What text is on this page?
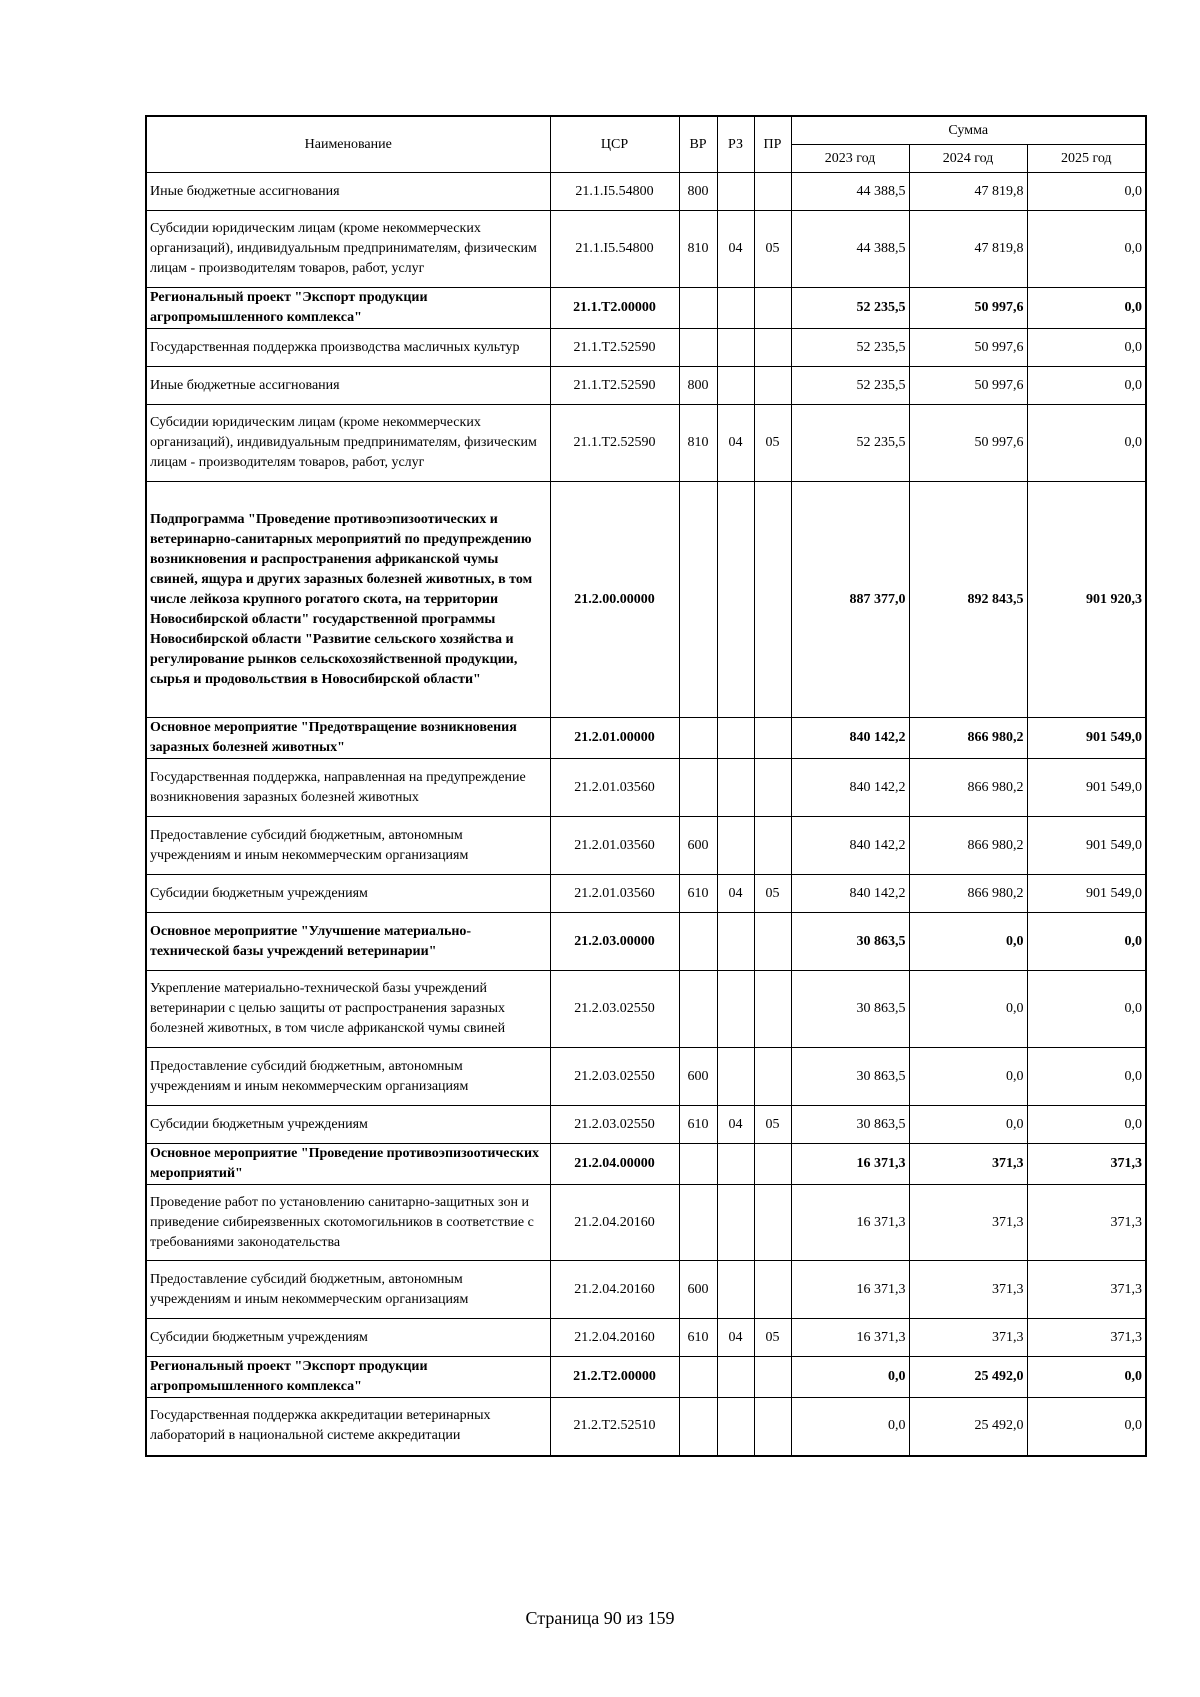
Наименование	ЦСР	ВР	РЗ	ПР	Сумма		
					2023 год	2024 год	2025 год
Иные бюджетные ассигнования	21.1.I5.54800	800			44 388,5	47 819,8	0,0
Субсидии юридическим лицам (кроме некоммерческих организаций), индивидуальным предпринимателям, физическим лицам - производителям товаров, работ, услуг	21.1.I5.54800	810	04	05	44 388,5	47 819,8	0,0
Региональный проект "Экспорт продукции агропромышленного комплекса"	21.1.Т2.00000				52 235,5	50 997,6	0,0
Государственная поддержка производства масличных культур	21.1.Т2.52590				52 235,5	50 997,6	0,0
Иные бюджетные ассигнования	21.1.Т2.52590	800			52 235,5	50 997,6	0,0
Субсидии юридическим лицам (кроме некоммерческих организаций), индивидуальным предпринимателям, физическим лицам - производителям товаров, работ, услуг	21.1.Т2.52590	810	04	05	52 235,5	50 997,6	0,0
Подпрограмма "Проведение противоэпизоотических и ветеринарно-санитарных мероприятий по предупреждению возникновения и распространения африканской чумы свиней, ящура и других заразных болезней животных, в том числе лейкоза крупного рогатого скота, на территории Новосибирской области" государственной программы Новосибирской области "Развитие сельского хозяйства и регулирование рынков сельскохозяйственной продукции, сырья и продовольствия в Новосибирской области"	21.2.00.00000				887 377,0	892 843,5	901 920,3
Основное мероприятие "Предотвращение возникновения заразных болезней животных"	21.2.01.00000				840 142,2	866 980,2	901 549,0
Государственная поддержка, направленная на предупреждение возникновения заразных болезней животных	21.2.01.03560				840 142,2	866 980,2	901 549,0
Предоставление субсидий бюджетным, автономным учреждениям и иным некоммерческим организациям	21.2.01.03560	600			840 142,2	866 980,2	901 549,0
Субсидии бюджетным учреждениям	21.2.01.03560	610	04	05	840 142,2	866 980,2	901 549,0
Основное мероприятие "Улучшение материально-технической базы учреждений ветеринарии"	21.2.03.00000				30 863,5	0,0	0,0
Укрепление материально-технической базы учреждений ветеринарии с целью защиты от распространения заразных болезней животных, в том числе африканской чумы свиней	21.2.03.02550				30 863,5	0,0	0,0
Предоставление субсидий бюджетным, автономным учреждениям и иным некоммерческим организациям	21.2.03.02550	600			30 863,5	0,0	0,0
Субсидии бюджетным учреждениям	21.2.03.02550	610	04	05	30 863,5	0,0	0,0
Основное мероприятие "Проведение противоэпизоотических мероприятий"	21.2.04.00000				16 371,3	371,3	371,3
Проведение работ по установлению санитарно-защитных зон и приведение сибиреязвенных скотомогильников в соответствие с требованиями законодательства	21.2.04.20160				16 371,3	371,3	371,3
Предоставление субсидий бюджетным, автономным учреждениям и иным некоммерческим организациям	21.2.04.20160	600			16 371,3	371,3	371,3
Субсидии бюджетным учреждениям	21.2.04.20160	610	04	05	16 371,3	371,3	371,3
Региональный проект "Экспорт продукции агропромышленного комплекса"	21.2.Т2.00000				0,0	25 492,0	0,0
Государственная поддержка аккредитации ветеринарных лабораторий в национальной системе аккредитации	21.2.Т2.52510				0,0	25 492,0	0,0
Страница 90 из 159
